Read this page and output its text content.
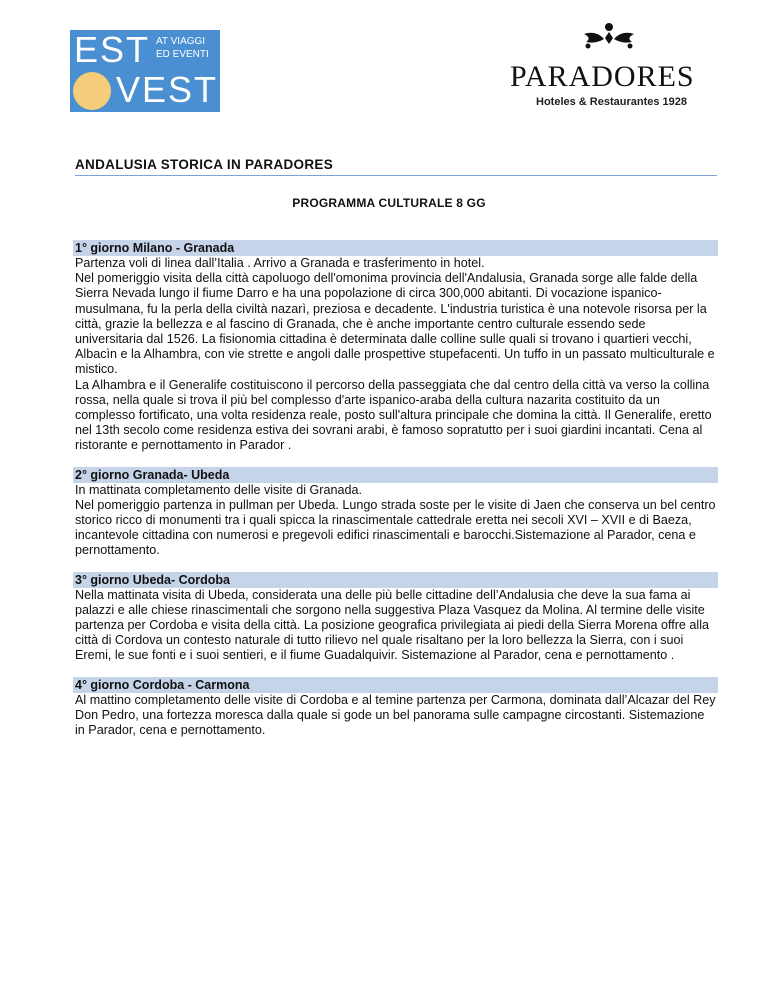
EST
VEST
AT VIAGGI
ED EVENTI
PARADORES
Hoteles & Restaurantes 1928
ANDALUSIA STORICA IN PARADORES
PROGRAMMA CULTURALE 8 GG
1° giorno Milano - Granada

Partenza voli di linea dall’Italia . Arrivo a Granada e trasferimento in hotel.

Nel pomeriggio visita della città capoluogo dell'omonima provincia dell'Andalusia, Granada sorge alle falde della Sierra Nevada lungo il fiume Darro e ha una popolazione di circa 300,000 abitanti. Di vocazione ispanico-musulmana, fu la perla della civiltà nazarì, preziosa e decadente. L'industria turistica è una notevole risorsa per la città, grazie la bellezza e al fascino di Granada, che è anche importante centro culturale essendo sede universitaria dal 1526. La fisionomia cittadina è determinata dalle colline sulle quali si trovano i quartieri vecchi, Albacìn e la Alhambra, con vie strette e angoli dalle prospettive stupefacenti. Un tuffo in un passato multiculturale e mistico.

La Alhambra e il Generalife costituiscono il percorso della passeggiata che dal centro della città va verso la collina rossa, nella quale si trova il più bel complesso d'arte ispanico-araba della cultura nazarita costituito da un complesso fortificato, una volta residenza reale, posto sull'altura principale che domina la città. Il Generalife, eretto nel 13th secolo come residenza estiva dei sovrani arabi, è famoso sopratutto per i suoi giardini incantati. Cena al ristorante e pernottamento in Parador .

2° giorno Granada- Ubeda

In mattinata completamento delle visite di Granada.

Nel pomeriggio partenza in pullman per Ubeda. Lungo strada soste per le visite di Jaen che conserva un bel centro storico ricco di monumenti tra i quali spicca la rinascimentale cattedrale eretta nei secoli XVI – XVII e di Baeza, incantevole cittadina con numerosi e pregevoli edifici rinascimentali e barocchi.Sistemazione al Parador, cena e pernottamento.

3° giorno Ubeda- Cordoba

Nella mattinata visita di Ubeda, considerata una delle più belle cittadine dell’Andalusia che deve la sua fama ai palazzi e alle chiese rinascimentali che sorgono nella suggestiva Plaza Vasquez da Molina. Al termine delle visite partenza per Cordoba e visita della città. La posizione geografica privilegiata ai piedi della Sierra Morena offre alla città di Cordova un contesto naturale di tutto rilievo nel quale risaltano per la loro bellezza la Sierra, con i suoi Eremi, le sue fonti e i suoi sentieri, e il fiume Guadalquivir. Sistemazione al Parador, cena e pernottamento .

4° giorno Cordoba - Carmona

Al mattino completamento delle visite di Cordoba e al temine partenza per Carmona, dominata dall’Alcazar del Rey Don Pedro, una fortezza moresca dalla quale si gode un bel panorama sulle campagne circostanti. Sistemazione in Parador, cena e pernottamento.
